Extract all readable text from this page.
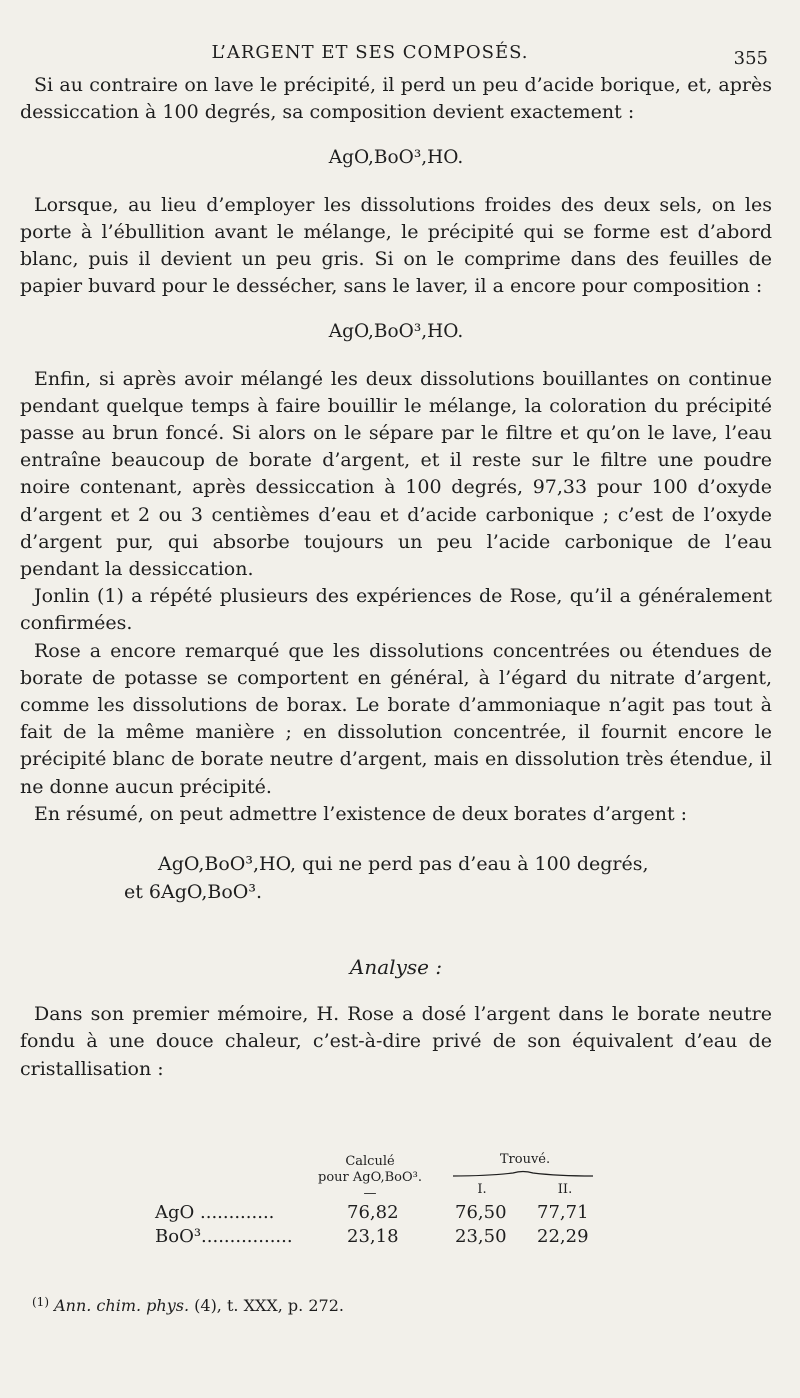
L’ARGENT ET SES COMPOSÉS.	355

Si au contraire on lave le précipité, il perd un peu d’acide borique, et, après dessiccation à 100 degrés, sa composition devient exactement :

AgO,BoO³,HO.

Lorsque, au lieu d’employer les dissolutions froides des deux sels, on les porte à l’ébullition avant le mélange, le précipité qui se forme est d’abord blanc, puis il devient un peu gris. Si on le comprime dans des feuilles de papier buvard pour le dessécher, sans le laver, il a encore pour composition :

AgO,BoO³,HO.

Enfin, si après avoir mélangé les deux dissolutions bouillantes on continue pendant quelque temps à faire bouillir le mélange, la coloration du précipité passe au brun foncé. Si alors on le sépare par le filtre et qu’on le lave, l’eau entraîne beaucoup de borate d’argent, et il reste sur le filtre une poudre noire contenant, après dessiccation à 100 degrés, 97,33 pour 100 d’oxyde d’argent et 2 ou 3 centièmes d’eau et d’acide carbonique ; c’est de l’oxyde d’argent pur, qui absorbe toujours un peu l’acide carbonique de l’eau pendant la dessiccation.

Jonlin (1) a répété plusieurs des expériences de Rose, qu’il a généralement confirmées.

Rose a encore remarqué que les dissolutions concentrées ou étendues de borate de potasse se comportent en général, à l’égard du nitrate d’argent, comme les dissolutions de borax. Le borate d’ammoniaque n’agit pas tout à fait de la même manière ; en dissolution concentrée, il fournit encore le précipité blanc de borate neutre d’argent, mais en dissolution très étendue, il ne donne aucun précipité.

En résumé, on peut admettre l’existence de deux borates d’argent :

AgO,BoO³,HO, qui ne perd pas d’eau à 100 degrés,
et 6AgO,BoO³.
Analyse :

Dans son premier mémoire, H. Rose a dosé l’argent dans le borate neutre fondu à une douce chaleur, c’est-à-dire privé de son équivalent d’eau de cristallisation :

Calculé
pour AgO,BoO³.
—
Trouvé.
I.	II.
AgO .............	76,82	76,50 77,71
BoO³................	23,18	23,50 22,29
$^{(1)}$ Ann. chim. phys. (4), t. XXX, p. 272.
